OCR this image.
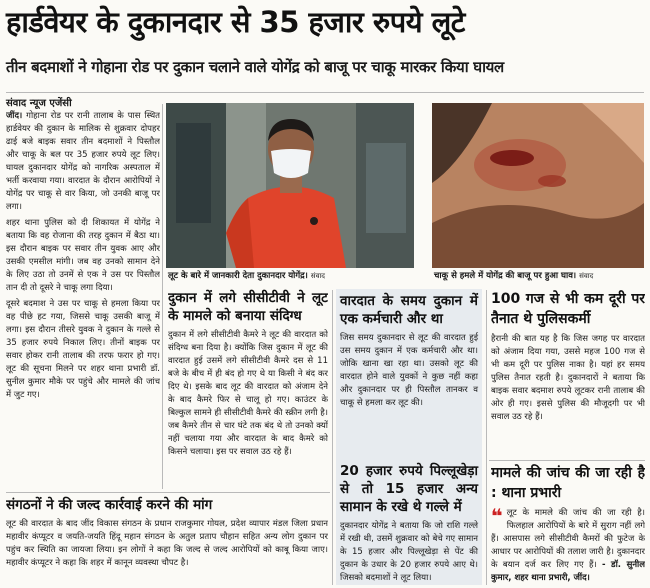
हार्डवेयर के दुकानदार से 35 हजार रुपये लूटे
तीन बदमाशों ने गोहाना रोड पर दुकान चलाने वाले योगेंद्र को बाजू पर चाकू मारकर किया घायल
संवाद न्यूज एजेंसी

जींद। गोहाना रोड पर रानी तालाब के पास स्थित हार्डवेयर की दुकान के मालिक से शुक्रवार दोपहर ढाई बजे बाइक सवार तीन बदमाशों ने पिस्तौल और चाकू के बल पर 35 हजार रुपये लूट लिए। घायल दुकानदार योगेंद्र को नागरिक अस्पताल में भर्ती करवाया गया। वारदात के दौरान आरोपियों ने योगेंद्र पर चाकू से वार किया, जो उनकी बाजू पर लगा।

शहर थाना पुलिस को दी शिकायत में योगेंद्र ने बताया कि वह रोजाना की तरह दुकान में बैठा था। इस दौरान बाइक पर सवार तीन युवक आए और उसकी एमसील मांगी। जब वह उनको सामान देने के लिए उठा तो उनमें से एक ने उस पर पिस्तौल तान दी तो दूसरे ने चाकू लगा दिया।

दूसरे बदमाश ने उस पर चाकू से हमला किया पर वह पीछे हट गया, जिससे चाकू उसकी बाजू में लगा। इस दौरान तीसरे युवक ने दुकान के गल्ले से 35 हजार रुपये निकाल लिए। तीनों बाइक पर सवार होकर रानी तालाब की तरफ फरार हो गए। लूट की सूचना मिलने पर शहर थाना प्रभारी डॉ. सुनील कुमार मौके पर पहुंचे और मामले की जांच में जुट गए।

लूट के बारे में जानकारी देता दुकानदार योगेंद्र। संवाद	चाकू से हमले में योगेंद्र की बाजू पर हुआ घाव। संवाद
दुकान में लगे सीसीटीवी ने लूट के मामले को बनाया संदिग्ध

दुकान में लगे सीसीटीवी कैमरे ने लूट की वारदात को संदिग्ध बना दिया है। क्योंकि जिस दुकान में लूट की वारदात हुई उसमें लगे सीसीटीवी कैमरे दस से 11 बजे के बीच में ही बंद हो गए थे या किसी ने बंद कर दिए थे। इसके बाद लूट की वारदात को अंजाम देने के बाद कैमरे फिर से चालू हो गए। काउंटर के बिल्कुल सामने ही सीसीटीवी कैमरे की स्क्रीन लगी है। जब कैमरे तीन से चार घंटे तक बंद थे तो उनको क्यों नहीं चलाया गया और वारदात के बाद कैमरे को किसने चलाया। इस पर सवाल उठ रहे हैं।

वारदात के समय दुकान में एक कर्मचारी और था

जिस समय दुकानदार से लूट की वारदात हुई उस समय दुकान में एक कर्मचारी और था। जोकि खाना खा रहा था। उसको लूट की वारदात होने वाले युवकों ने कुछ नहीं कहा और दुकानदार पर ही पिस्तौल तानकर व चाकू से हमला कर लूट की।

20 हजार रुपये पिल्लूखेड़ा से तो 15 हजार अन्य सामान के रखे थे गल्ले में

दुकानदार योगेंद्र ने बताया कि जो राशि गल्ले में रखी थी, उसमें शुक्रवार को बेचे गए सामान के 15 हजार और पिल्लूखेड़ा से पेंट की दुकान के उधार के 20 हजार रुपये आए थे। जिसको बदमाशों ने लूट लिया।

100 गज से भी कम दूरी पर तैनात थे पुलिसकर्मी

हैरानी की बात यह है कि जिस जगह पर वारदात को अंजाम दिया गया, उससे महज 100 गज से भी कम दूरी पर पुलिस नाका है। यहां हर समय पुलिस तैनात रहती है। दुकानदारों ने बताया कि बाइक सवार बदमाश रुपये लूटकर रानी तालाब की ओर ही गए। इससे पुलिस की मौजूदगी पर भी सवाल उठ रहे हैं।

मामले की जांच की जा रही है : थाना प्रभारी

❝ लूट के मामले की जांच की जा रही है। फिलहाल आरोपियों के बारे में सुराग नहीं लगे हैं। आसपास लगे सीसीटीवी कैमरों की फुटेज के आधार पर आरोपियों की तलाश जारी है। दुकानदार के बयान दर्ज कर लिए गए हैं। - डॉ. सुनील कुमार, शहर थाना प्रभारी, जींद।

संगठनों ने की जल्द कार्रवाई करने की मांग

लूट की वारदात के बाद जींद विकास संगठन के प्रधान राजकुमार गोयल, प्रदेश व्यापार मंडल जिला प्रधान महावीर कंप्यूटर व जयति-जयति हिंदू महान संगठन के अतुल प्रताप चौहान सहित अन्य लोग दुकान पर पहुंच कर स्थिति का जायजा लिया। इन लोगों ने कहा कि जल्द से जल्द आरोपियों को काबू किया जाए। महावीर कंप्यूटर ने कहा कि शहर में कानून व्यवस्था चौपट है।
